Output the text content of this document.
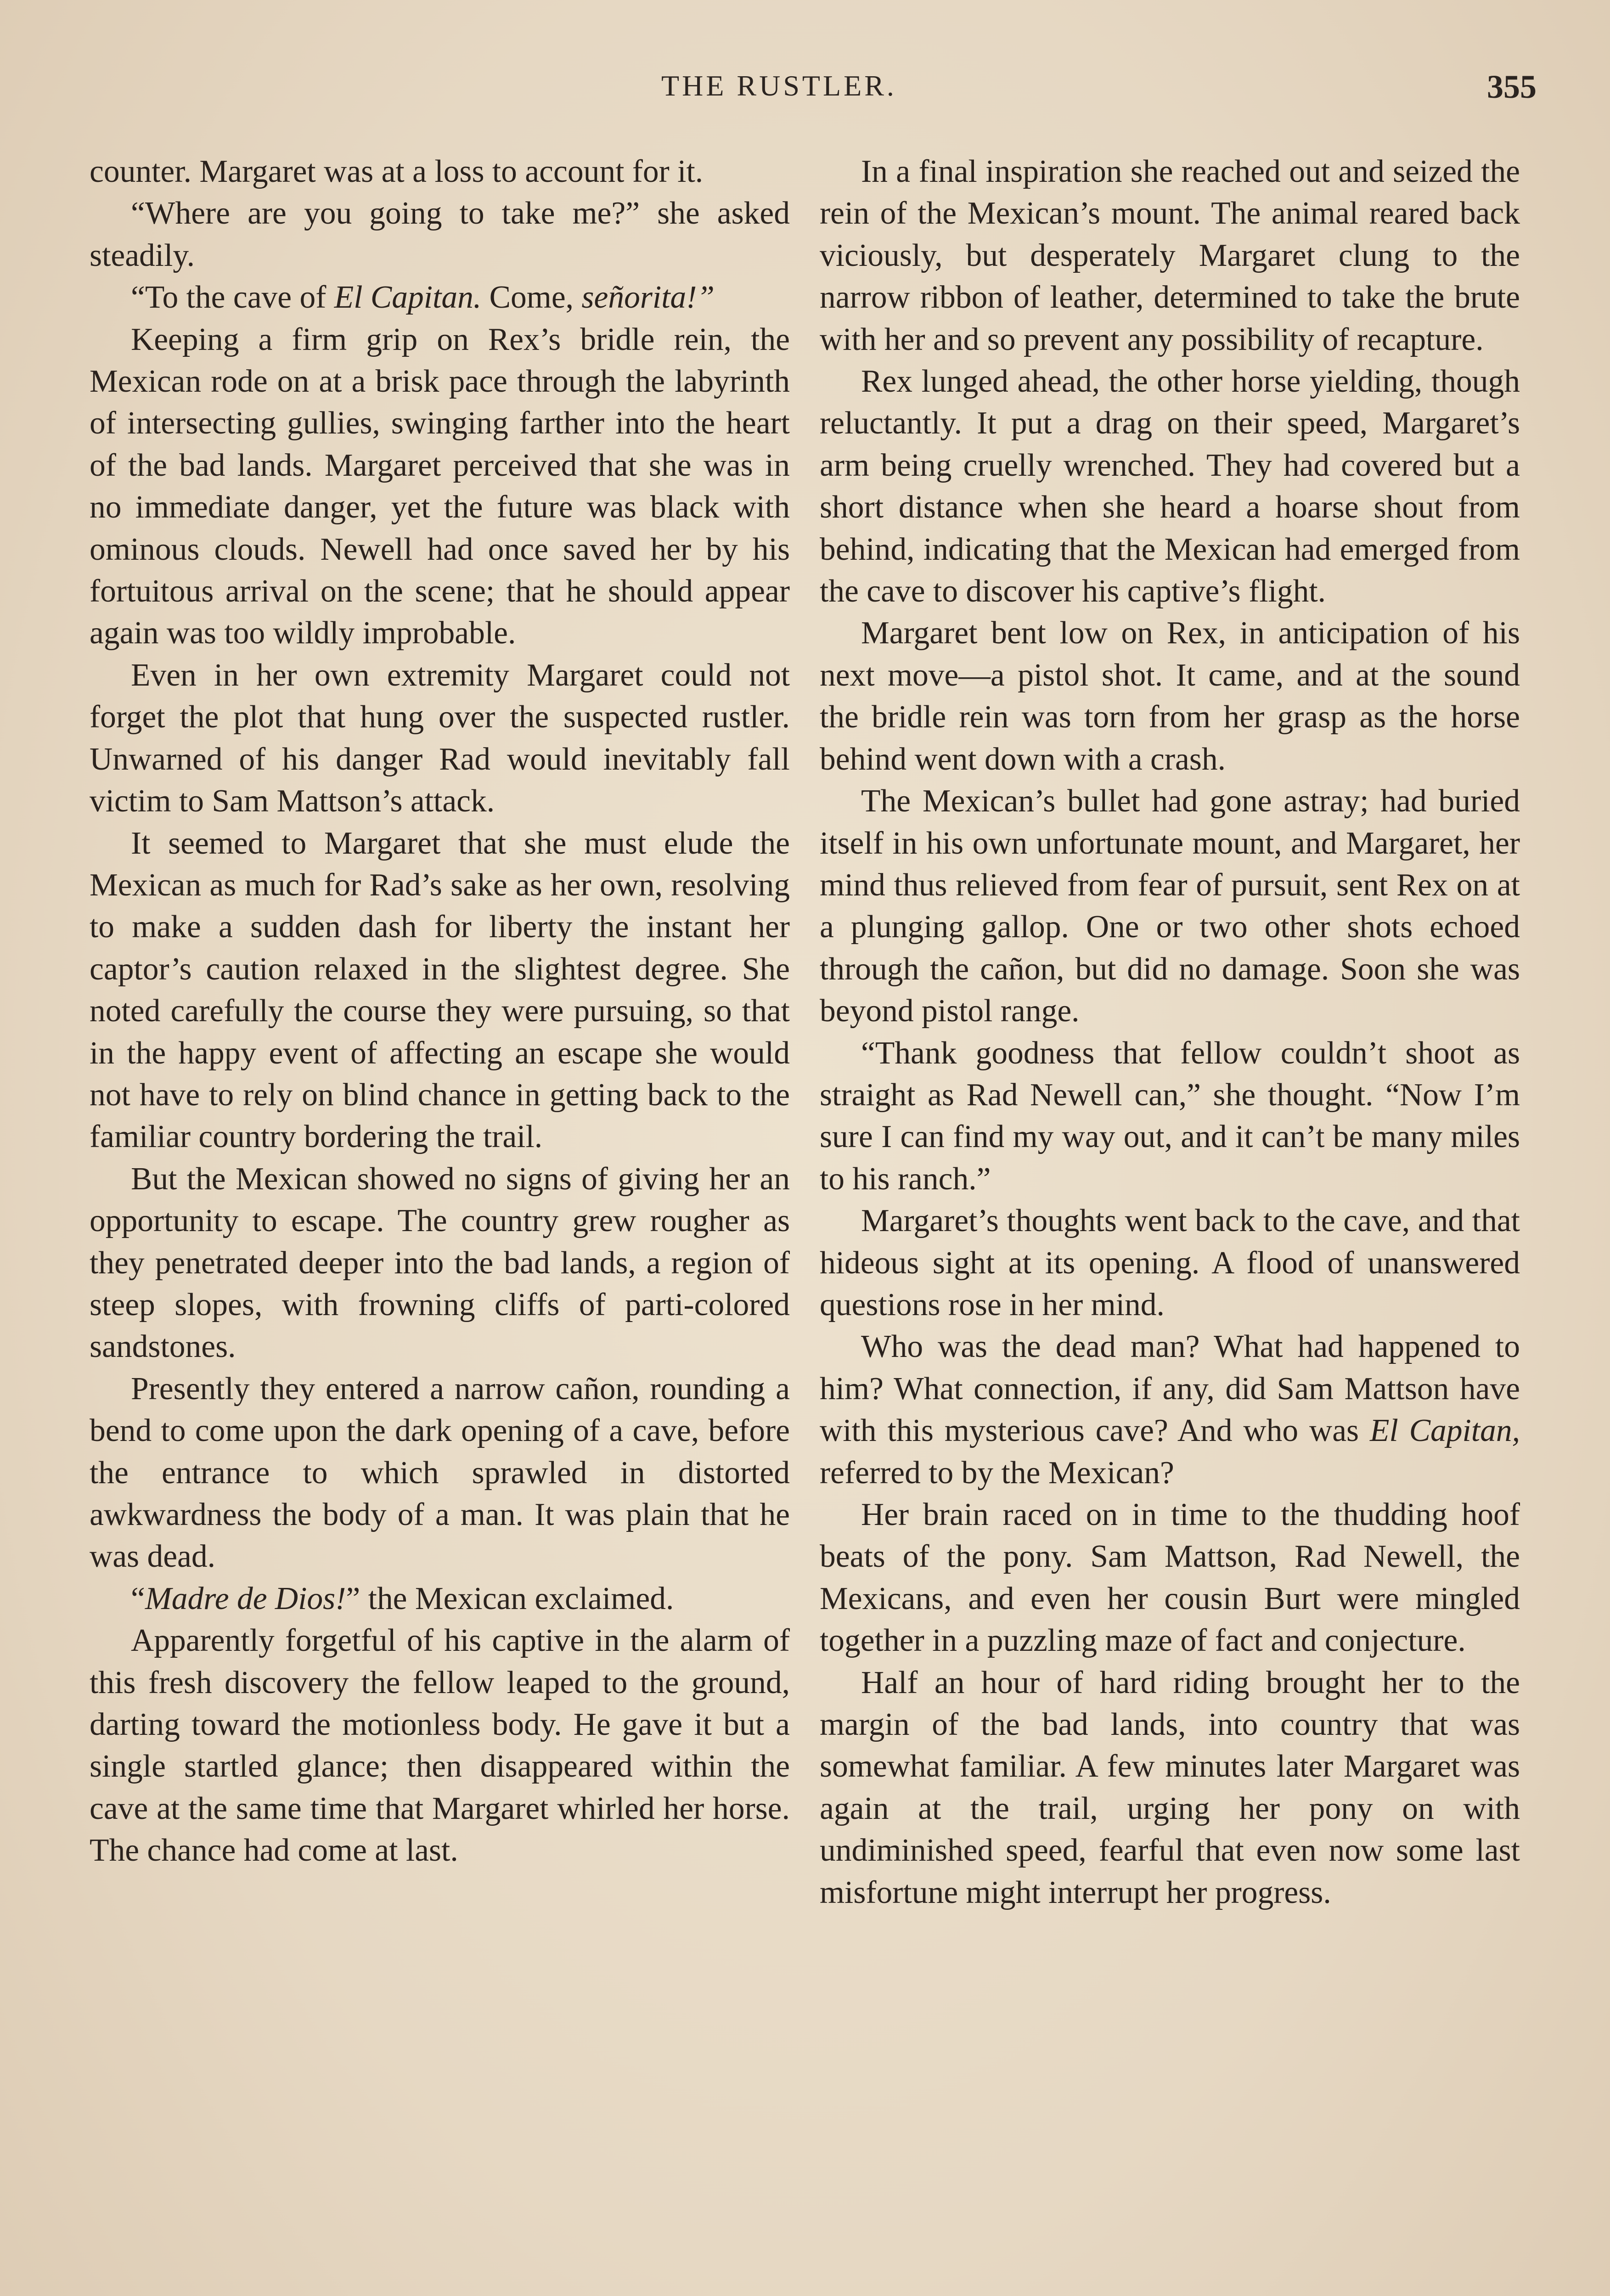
THE RUSTLER.	355

counter. Margaret was at a loss to account for it.

“Where are you going to take me?” she asked steadily.

“To the cave of El Capitan. Come, señorita!”

Keeping a firm grip on Rex’s bridle rein, the Mexican rode on at a brisk pace through the labyrinth of intersecting gullies, swinging farther into the heart of the bad lands. Margaret perceived that she was in no immediate danger, yet the future was black with ominous clouds. Newell had once saved her by his fortuitous arrival on the scene; that he should appear again was too wildly improbable.

Even in her own extremity Margaret could not forget the plot that hung over the suspected rustler. Unwarned of his danger Rad would inevitably fall victim to Sam Mattson’s attack.

It seemed to Margaret that she must elude the Mexican as much for Rad’s sake as her own, resolving to make a sudden dash for liberty the instant her captor’s caution relaxed in the slightest degree. She noted carefully the course they were pursuing, so that in the happy event of affecting an escape she would not have to rely on blind chance in getting back to the familiar country bordering the trail.

But the Mexican showed no signs of giving her an opportunity to escape. The country grew rougher as they penetrated deeper into the bad lands, a region of steep slopes, with frowning cliffs of parti-colored sandstones.

Presently they entered a narrow cañon, rounding a bend to come upon the dark opening of a cave, before the entrance to which sprawled in distorted awkwardness the body of a man. It was plain that he was dead.

“Madre de Dios!” the Mexican exclaimed.

Apparently forgetful of his captive in the alarm of this fresh discovery the fellow leaped to the ground, darting toward the motionless body. He gave it but a single startled glance; then disappeared within the cave at the same time that Margaret whirled her horse. The chance had come at last.

In a final inspiration she reached out and seized the rein of the Mexican’s mount. The animal reared back viciously, but desperately Margaret clung to the narrow ribbon of leather, determined to take the brute with her and so prevent any possibility of recapture.

Rex lunged ahead, the other horse yielding, though reluctantly. It put a drag on their speed, Margaret’s arm being cruelly wrenched. They had covered but a short distance when she heard a hoarse shout from behind, indicating that the Mexican had emerged from the cave to discover his captive’s flight.

Margaret bent low on Rex, in anticipation of his next move—a pistol shot. It came, and at the sound the bridle rein was torn from her grasp as the horse behind went down with a crash.

The Mexican’s bullet had gone astray; had buried itself in his own unfortunate mount, and Margaret, her mind thus relieved from fear of pursuit, sent Rex on at a plunging gallop. One or two other shots echoed through the cañon, but did no damage. Soon she was beyond pistol range.

“Thank goodness that fellow couldn’t shoot as straight as Rad Newell can,” she thought. “Now I’m sure I can find my way out, and it can’t be many miles to his ranch.”

Margaret’s thoughts went back to the cave, and that hideous sight at its opening. A flood of unanswered questions rose in her mind.

Who was the dead man? What had happened to him? What connection, if any, did Sam Mattson have with this mysterious cave? And who was El Capitan, referred to by the Mexican?

Her brain raced on in time to the thudding hoof beats of the pony. Sam Mattson, Rad Newell, the Mexicans, and even her cousin Burt were mingled together in a puzzling maze of fact and conjecture.

Half an hour of hard riding brought her to the margin of the bad lands, into country that was somewhat familiar. A few minutes later Margaret was again at the trail, urging her pony on with undiminished speed, fearful that even now some last misfortune might interrupt her progress.
